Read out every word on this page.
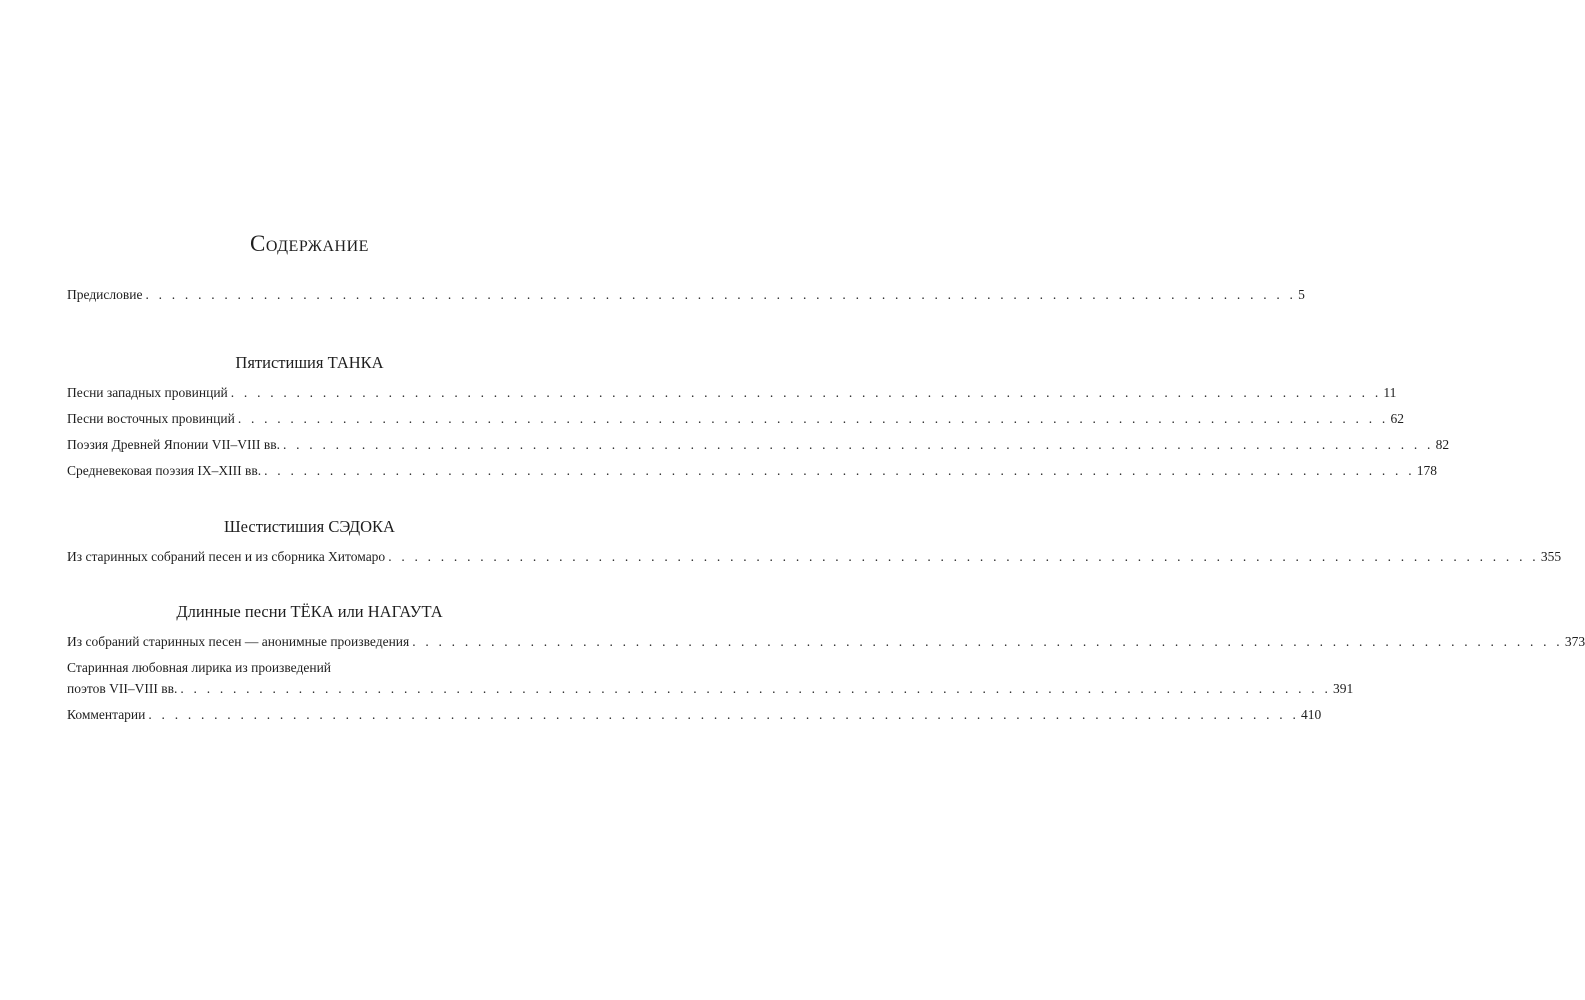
Содержание
Предисловие . . . . . . . . . . . . . . . . . . . . . . . . . . . . . . . . . . . . . . . . . . . . . . . . . . . . . . . . . . . . . . . . . . . . . . . . . . . . . . . . . . . . . . . . 5
Пятистишия ТАНКА
Песни западных провинций . . . . . . . . . . . . . . . . . . . . . . . . . . . . . . . . . . . . . . . . . . . . . . . . . . . . . . . . . . . . . . . . . . . . . . . . . . . . . . . . . . . . . . . . 11
Песни восточных провинций . . . . . . . . . . . . . . . . . . . . . . . . . . . . . . . . . . . . . . . . . . . . . . . . . . . . . . . . . . . . . . . . . . . . . . . . . . . . . . . . . . . . . . . . 62
Поэзия Древней Японии VII–VIII вв. . . . . . . . . . . . . . . . . . . . . . . . . . . . . . . . . . . . . . . . . . . . . . . . . . . . . . . . . . . . . . . . . . . . . . . . . . . . . . . . . . . . . . . . . 82
Средневековая поэзия IX–XIII вв. . . . . . . . . . . . . . . . . . . . . . . . . . . . . . . . . . . . . . . . . . . . . . . . . . . . . . . . . . . . . . . . . . . . . . . . . . . . . . . . . . . . . . . . . 178
Шестистишия СЭДОКА
Из старинных собраний песен и из сборника Хитомаро . . . . . . . . . . . . . . . . . . . . . . . . . . . . . . . . . . . . . . . . . . . . . . . . . . . . . . . . . . . . . . . . . . . . . . . . . . . . . . . . . . . . . . . . 355
Длинные песни ТЁКА или НАГАУТА
Из собраний старинных песен — анонимные произведения . . . . . . . . . . . . . . . . . . . . . . . . . . . . . . . . . . . . . . . . . . . . . . . . . . . . . . . . . . . . . . . . . . . . . . . . . . . . . . . . . . . . . . . . 373
Старинная любовная лирика из произведений
поэтов VII–VIII вв. . . . . . . . . . . . . . . . . . . . . . . . . . . . . . . . . . . . . . . . . . . . . . . . . . . . . . . . . . . . . . . . . . . . . . . . . . . . . . . . . . . . . . . . . 391
Комментарии . . . . . . . . . . . . . . . . . . . . . . . . . . . . . . . . . . . . . . . . . . . . . . . . . . . . . . . . . . . . . . . . . . . . . . . . . . . . . . . . . . . . . . . . 410
